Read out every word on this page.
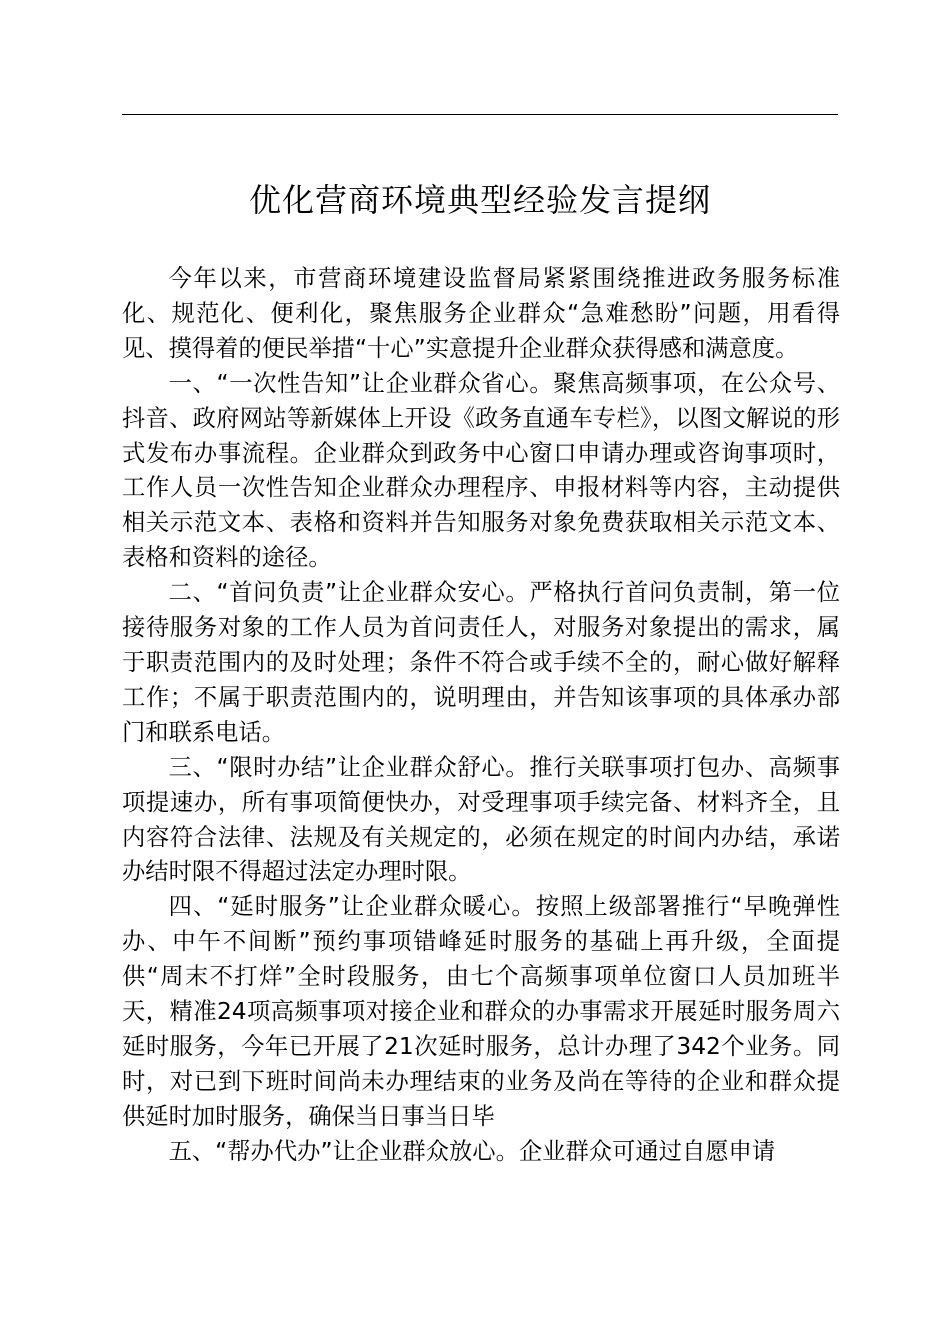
优化营商环境典型经验发言提纲

今年以来，市营商环境建设监督局紧紧围绕推进政务服务标准化、规范化、便利化，聚焦服务企业群众“急难愁盼”问题，用看得见、摸得着的便民举措“十心”实意提升企业群众获得感和满意度。

一、“一次性告知”让企业群众省心。聚焦高频事项，在公众号、抖音、政府网站等新媒体上开设《政务直通车专栏》，以图文解说的形式发布办事流程。企业群众到政务中心窗口申请办理或咨询事项时，工作人员一次性告知企业群众办理程序、申报材料等内容，主动提供相关示范文本、表格和资料并告知服务对象免费获取相关示范文本、表格和资料的途径。

二、“首问负责”让企业群众安心。严格执行首问负责制，第一位接待服务对象的工作人员为首问责任人，对服务对象提出的需求，属于职责范围内的及时处理；条件不符合或手续不全的，耐心做好解释工作；不属于职责范围内的，说明理由，并告知该事项的具体承办部门和联系电话。

三、“限时办结”让企业群众舒心。推行关联事项打包办、高频事项提速办，所有事项简便快办，对受理事项手续完备、材料齐全，且内容符合法律、法规及有关规定的，必须在规定的时间内办结，承诺办结时限不得超过法定办理时限。

四、“延时服务”让企业群众暖心。按照上级部署推行“早晚弹性办、中午不间断”预约事项错峰延时服务的基础上再升级，全面提供“周末不打烊”全时段服务，由七个高频事项单位窗口人员加班半天，精准24项高频事项对接企业和群众的办事需求开展延时服务周六延时服务，今年已开展了21次延时服务，总计办理了342个业务。同时，对已到下班时间尚未办理结束的业务及尚在等待的企业和群众提供延时加时服务，确保当日事当日毕

五、“帮办代办”让企业群众放心。企业群众可通过自愿申请
